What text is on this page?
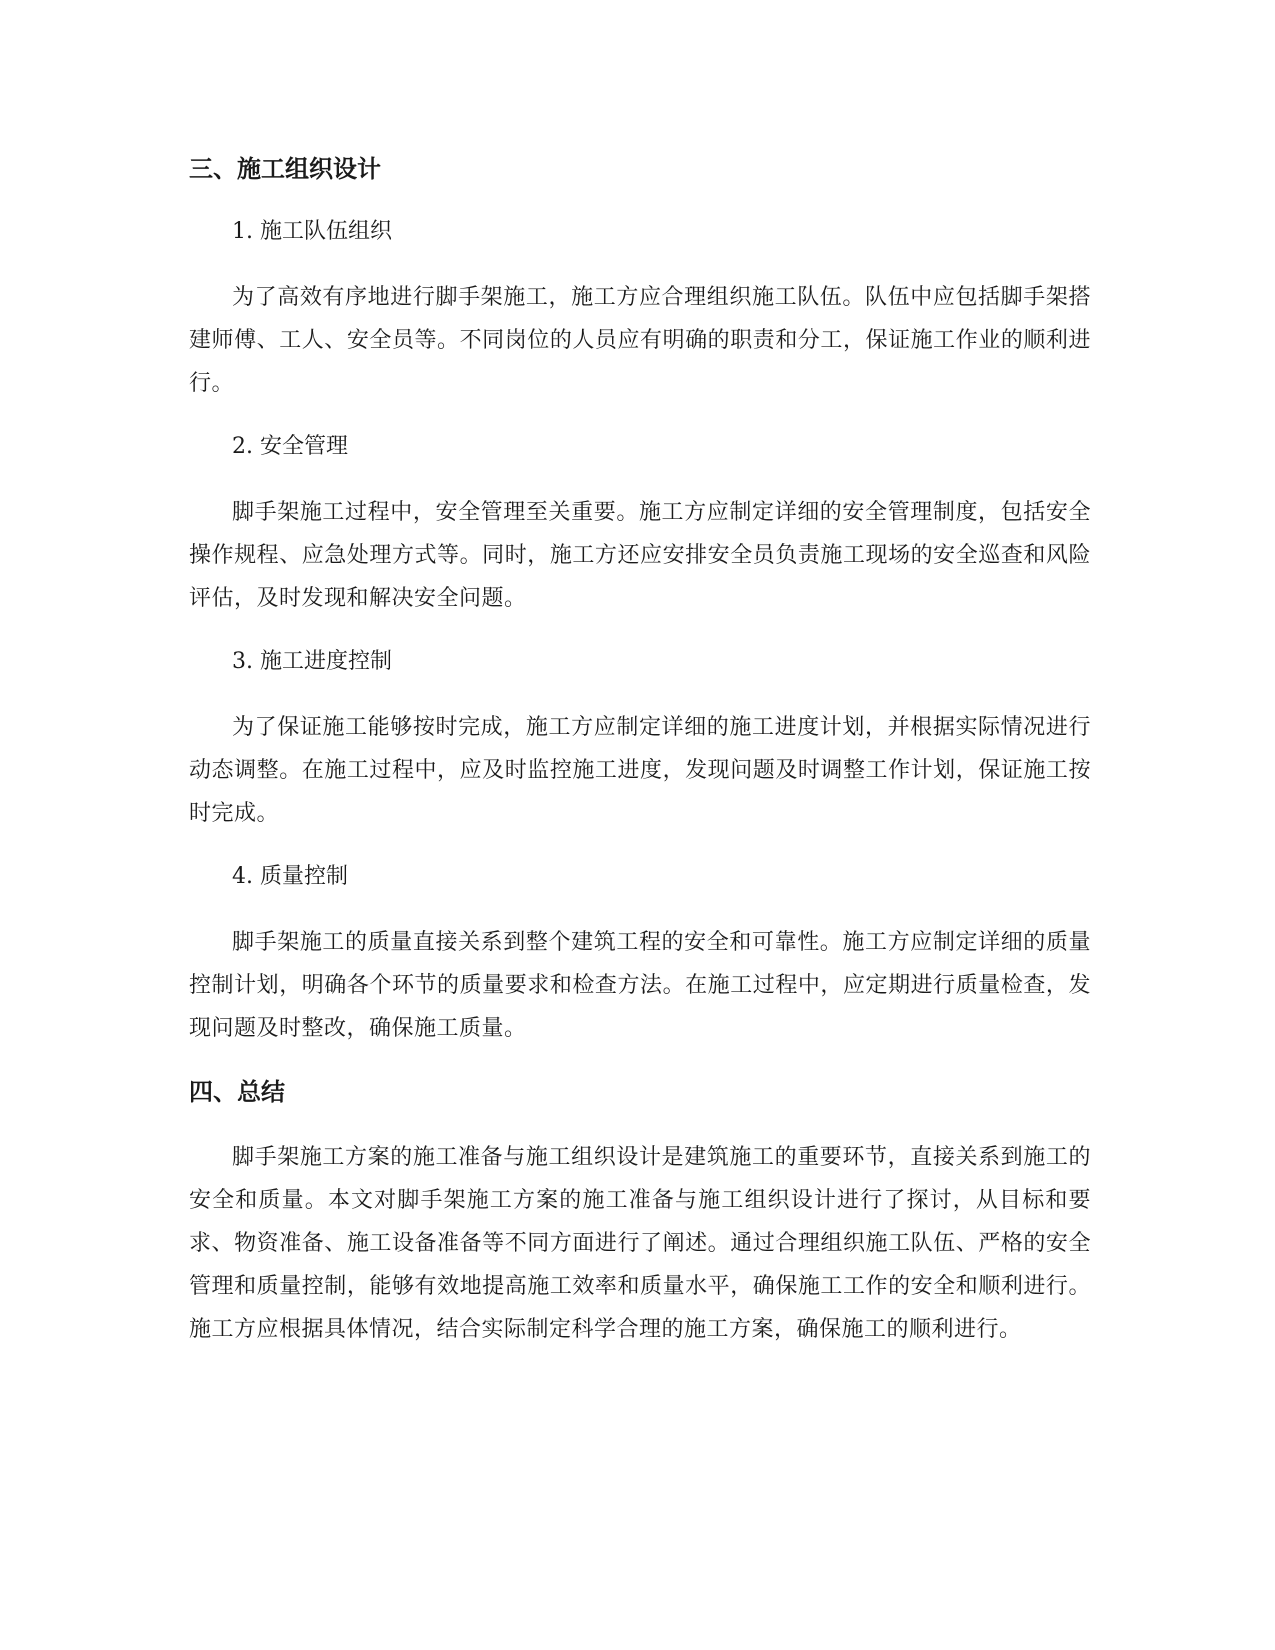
三、施工组织设计

1. 施工队伍组织

为了高效有序地进行脚手架施工，施工方应合理组织施工队伍。队伍中应包括脚手架搭建师傅、工人、安全员等。不同岗位的人员应有明确的职责和分工，保证施工作业的顺利进行。

2. 安全管理

脚手架施工过程中，安全管理至关重要。施工方应制定详细的安全管理制度，包括安全操作规程、应急处理方式等。同时，施工方还应安排安全员负责施工现场的安全巡查和风险评估，及时发现和解决安全问题。

3. 施工进度控制

为了保证施工能够按时完成，施工方应制定详细的施工进度计划，并根据实际情况进行动态调整。在施工过程中，应及时监控施工进度，发现问题及时调整工作计划，保证施工按时完成。

4. 质量控制

脚手架施工的质量直接关系到整个建筑工程的安全和可靠性。施工方应制定详细的质量控制计划，明确各个环节的质量要求和检查方法。在施工过程中，应定期进行质量检查，发现问题及时整改，确保施工质量。

四、总结

脚手架施工方案的施工准备与施工组织设计是建筑施工的重要环节，直接关系到施工的安全和质量。本文对脚手架施工方案的施工准备与施工组织设计进行了探讨，从目标和要求、物资准备、施工设备准备等不同方面进行了阐述。通过合理组织施工队伍、严格的安全管理和质量控制，能够有效地提高施工效率和质量水平，确保施工工作的安全和顺利进行。施工方应根据具体情况，结合实际制定科学合理的施工方案，确保施工的顺利进行。
